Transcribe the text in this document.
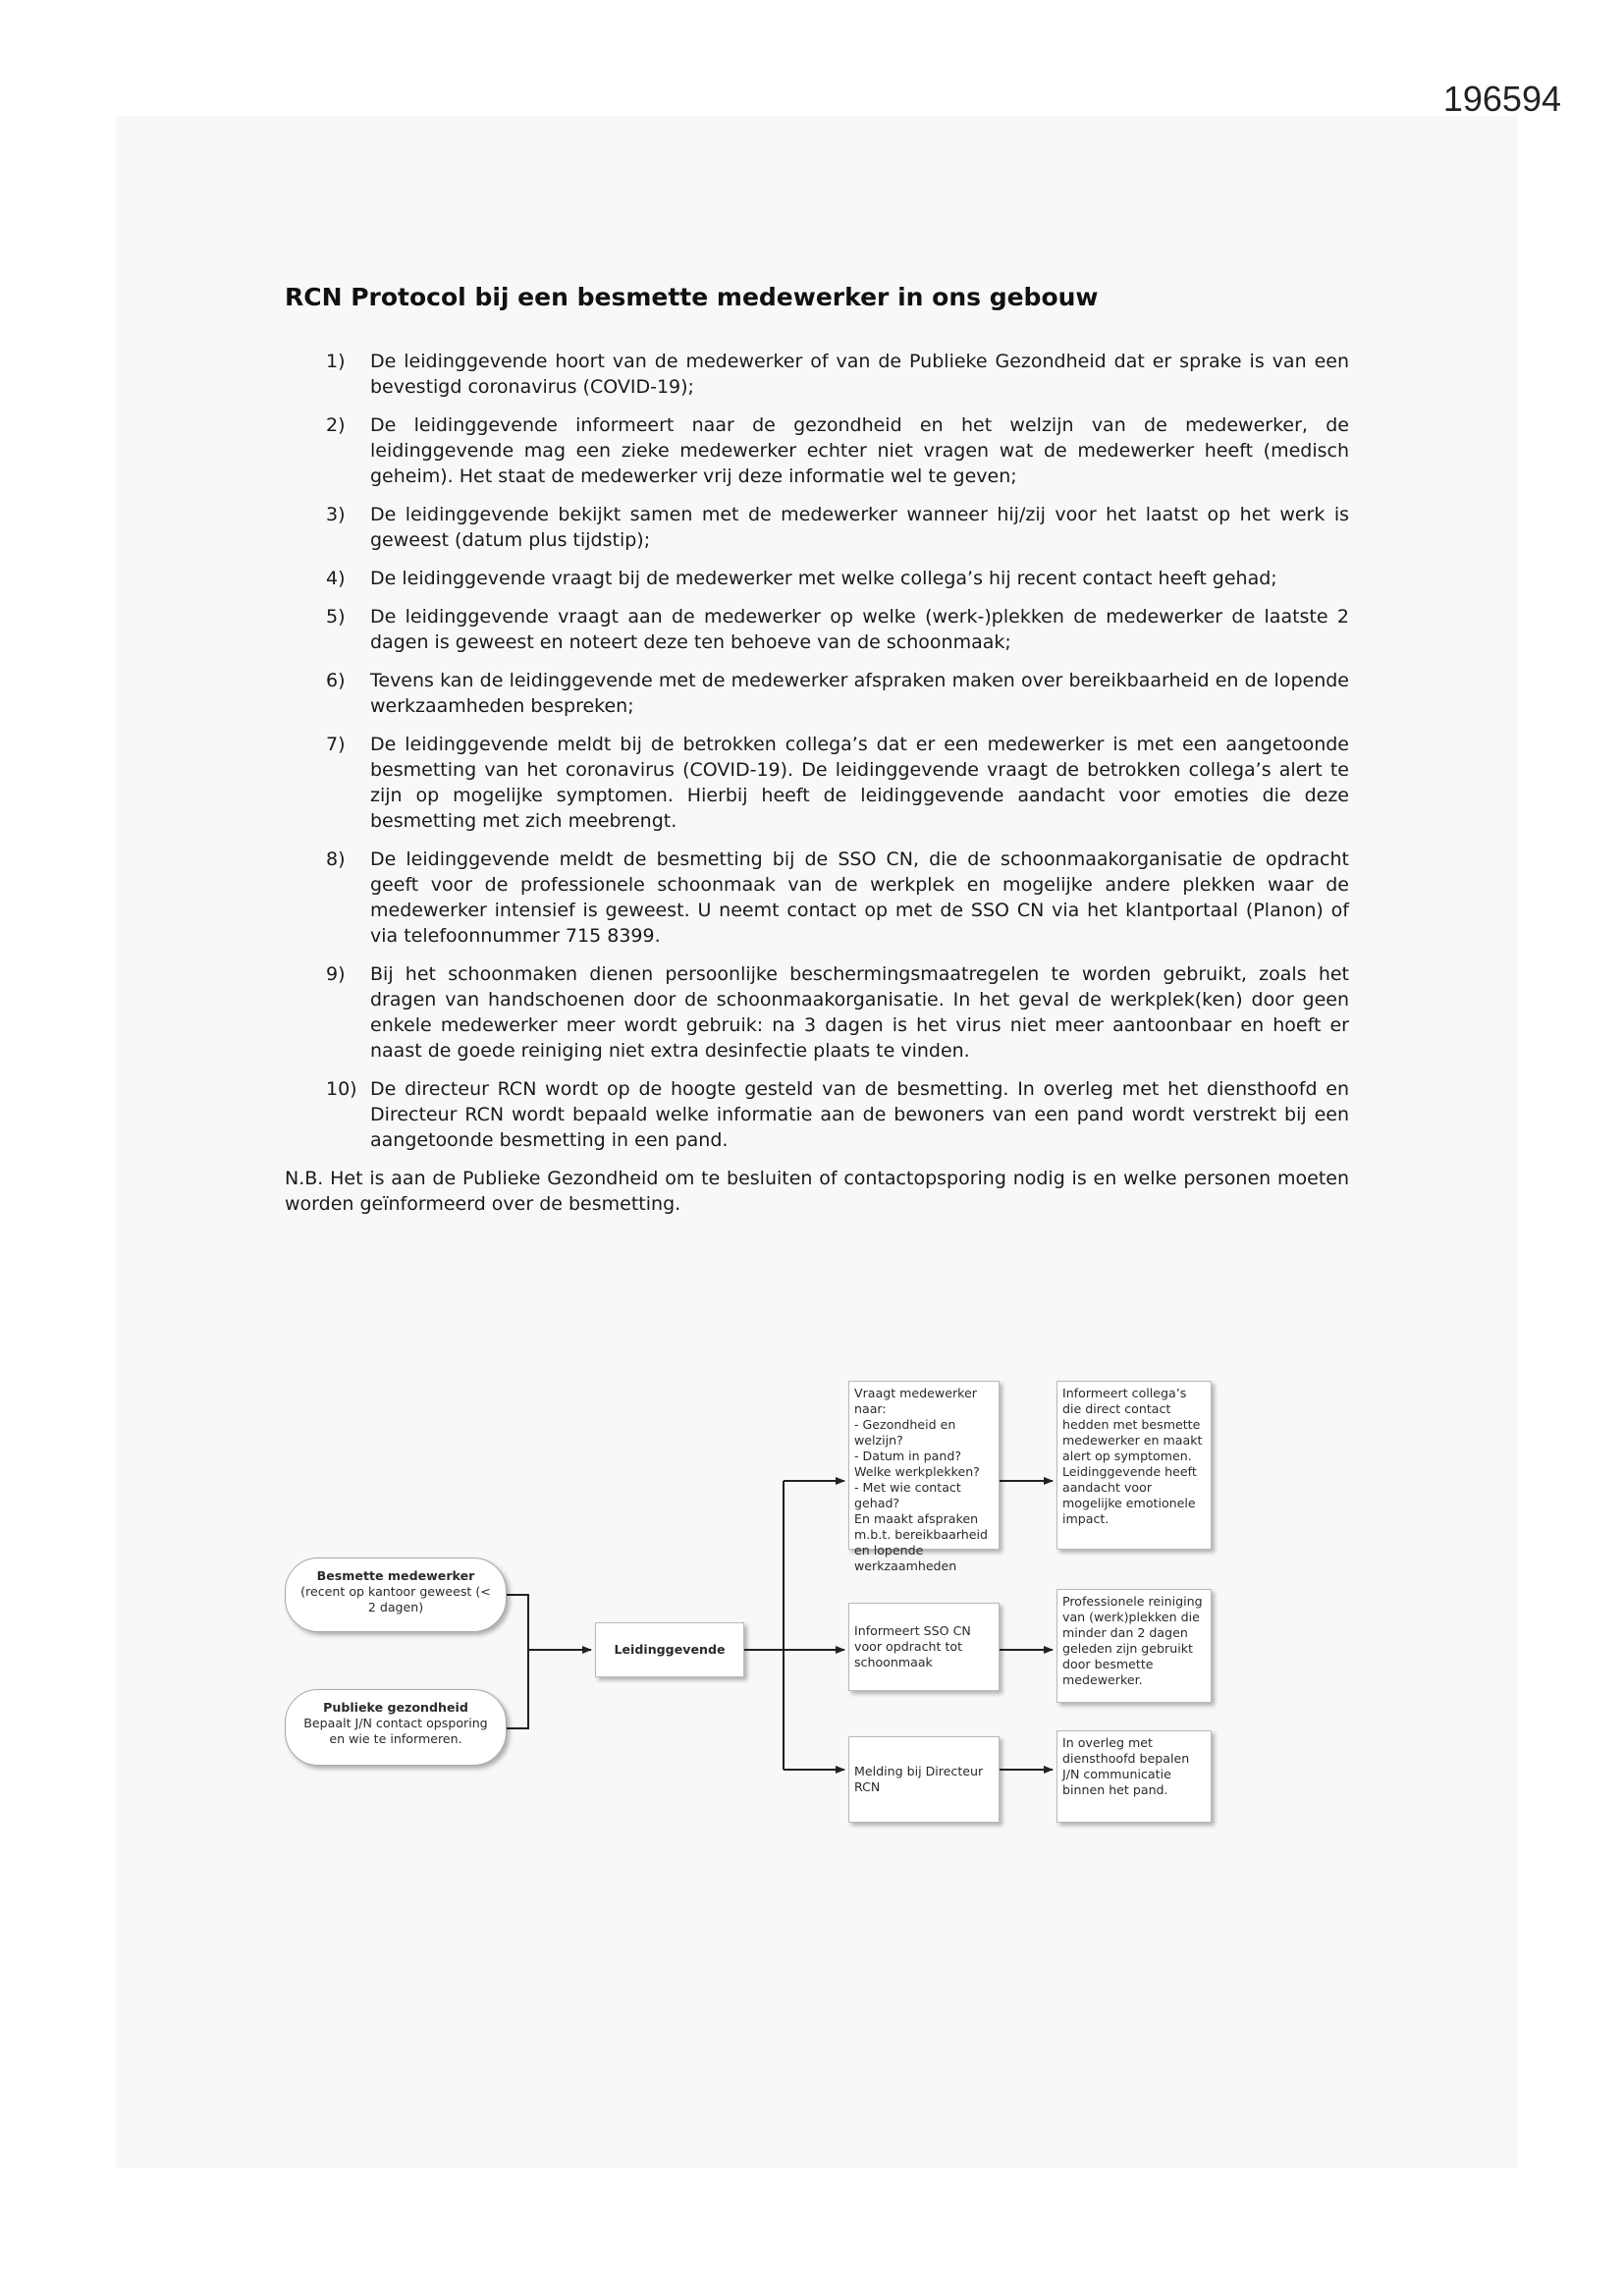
196594
RCN Protocol bij een besmette medewerker in ons gebouw
1)	De leidinggevende hoort van de medewerker of van de Publieke Gezondheid dat er sprake is van een bevestigd coronavirus (COVID-19);
2)	De leidinggevende informeert naar de gezondheid en het welzijn van de medewerker, de leidinggevende mag een zieke medewerker echter niet vragen wat de medewerker heeft (medisch geheim). Het staat de medewerker vrij deze informatie wel te geven;
3)	De leidinggevende bekijkt samen met de medewerker wanneer hij/zij voor het laatst op het werk is geweest (datum plus tijdstip);
4)	De leidinggevende vraagt bij de medewerker met welke collega’s hij recent contact heeft gehad;
5)	De leidinggevende vraagt aan de medewerker op welke (werk-)plekken de medewerker de laatste 2 dagen is geweest en noteert deze ten behoeve van de schoonmaak;
6)	Tevens kan de leidinggevende met de medewerker afspraken maken over bereikbaarheid en de lopende werkzaamheden bespreken;
7)	De leidinggevende meldt bij de betrokken collega’s dat er een medewerker is met een aangetoonde besmetting van het coronavirus (COVID-19). De leidinggevende vraagt de betrokken collega’s alert te zijn op mogelijke symptomen. Hierbij heeft de leidinggevende aandacht voor emoties die deze besmetting met zich meebrengt.
8)	De leidinggevende meldt de besmetting bij de SSO CN, die de schoonmaakorganisatie de opdracht geeft voor de professionele schoonmaak van de werkplek en mogelijke andere plekken waar de medewerker intensief is geweest. U neemt contact op met de SSO CN via het klantportaal (Planon) of via telefoonnummer 715 8399.
9)	Bij het schoonmaken dienen persoonlijke beschermingsmaatregelen te worden gebruikt, zoals het dragen van handschoenen door de schoonmaakorganisatie. In het geval de werkplek(ken) door geen enkele medewerker meer wordt gebruik: na 3 dagen is het virus niet meer aantoonbaar en hoeft er naast de goede reiniging niet extra desinfectie plaats te vinden.
10) De directeur RCN wordt op de hoogte gesteld van de besmetting. In overleg met het diensthoofd en Directeur RCN wordt bepaald welke informatie aan de bewoners van een pand wordt verstrekt bij een aangetoonde besmetting in een pand.

N.B. Het is aan de Publieke Gezondheid om te besluiten of contactopsporing nodig is en welke personen moeten worden geïnformeerd over de besmetting.

Besmette medewerker
(recent op kantoor geweest (< 2 dagen)
Publieke gezondheid
Bepaalt J/N contact opsporing en wie te informeren.
Leidinggevende
Vraagt medewerker naar:
- Gezondheid en welzijn?
- Datum in pand?
Welke werkplekken?
- Met wie contact gehad?
En maakt afspraken m.b.t. bereikbaarheid en lopende werkzaamheden
Informeert collega’s die direct contact hedden met besmette medewerker en maakt alert op symptomen.
Leidinggevende heeft aandacht voor mogelijke emotionele impact.
Informeert SSO CN voor opdracht tot schoonmaak
Professionele reiniging van (werk)plekken die minder dan 2 dagen geleden zijn gebruikt door besmette medewerker.
Melding bij Directeur RCN
In overleg met diensthoofd bepalen J/N communicatie binnen het pand.
